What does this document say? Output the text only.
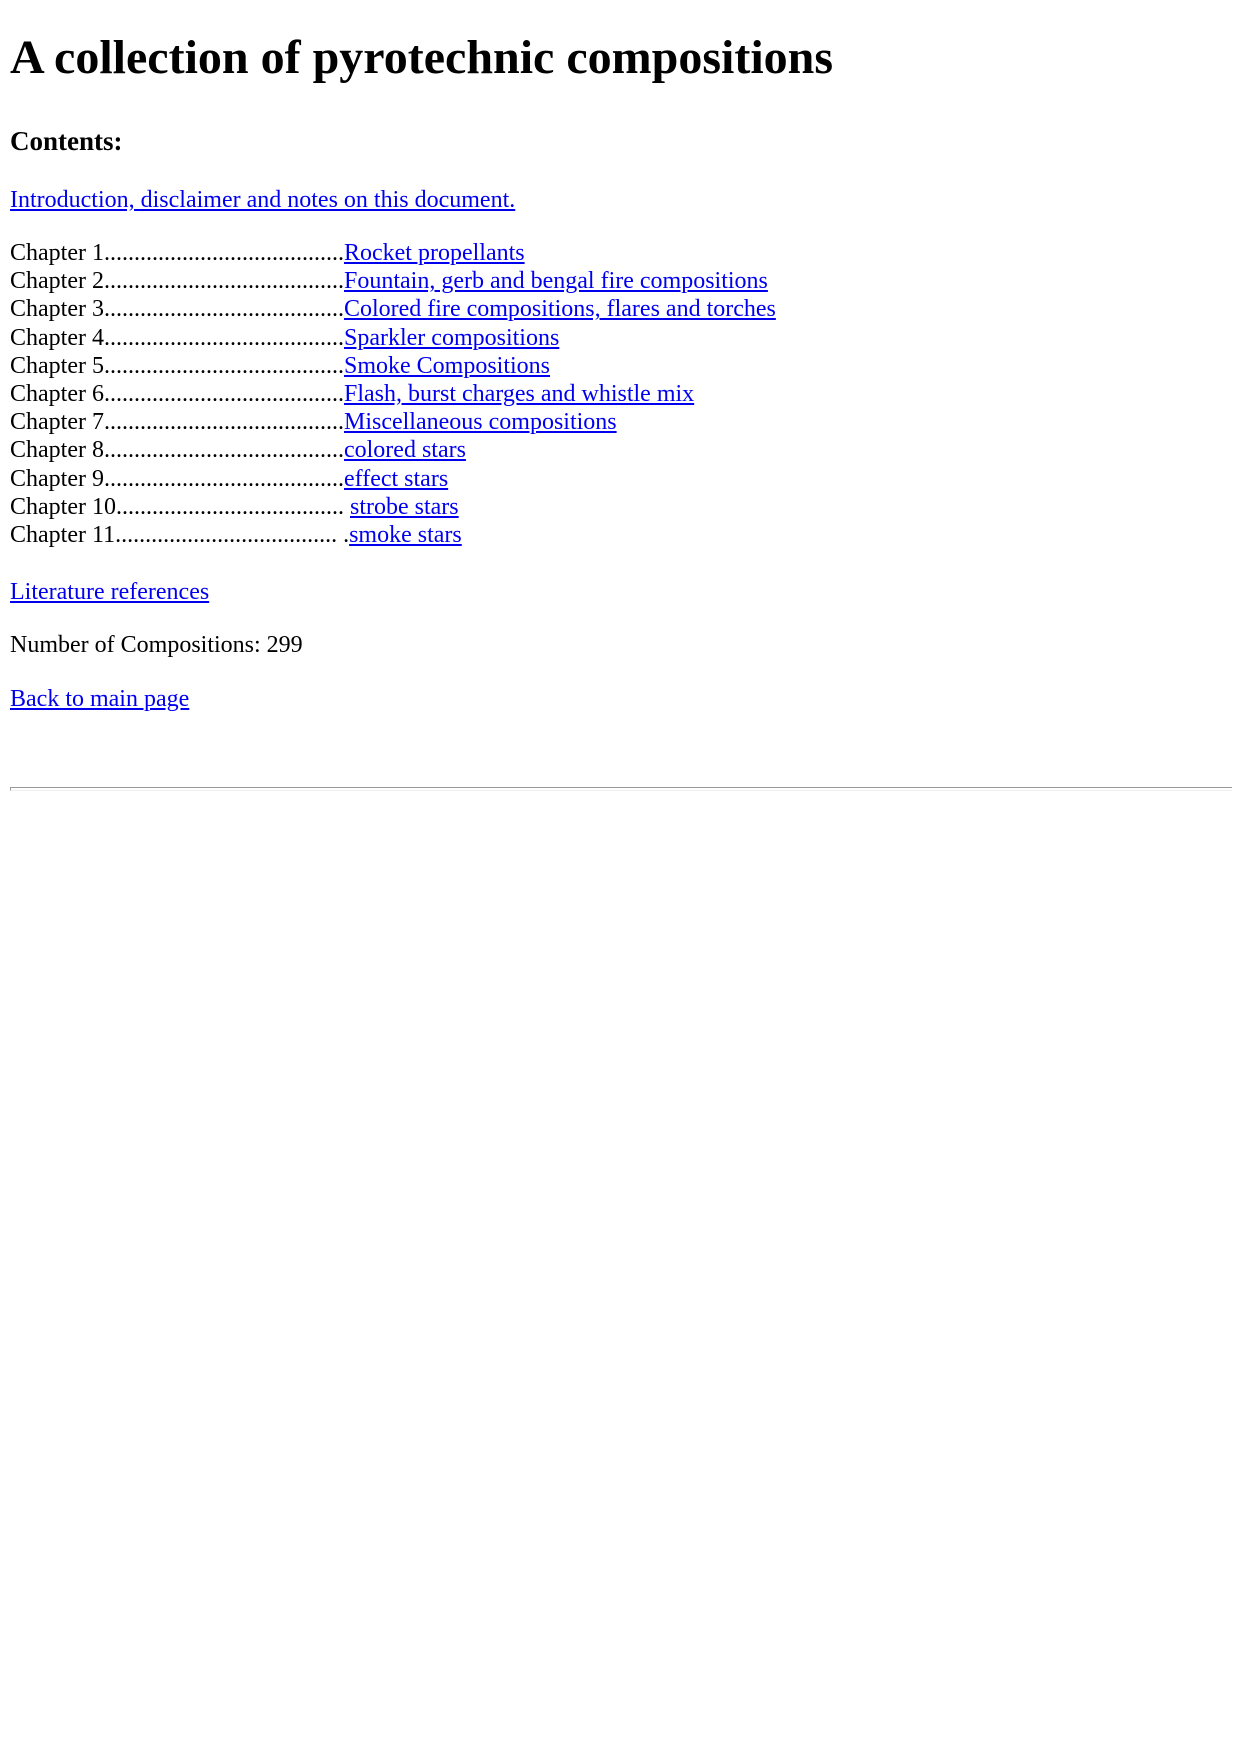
A collection of pyrotechnic compositions
Contents:
Introduction, disclaimer and notes on this document.
Chapter 1........................................Rocket propellants
Chapter 2........................................Fountain, gerb and bengal fire compositions
Chapter 3........................................Colored fire compositions, flares and torches
Chapter 4........................................Sparkler compositions
Chapter 5........................................Smoke Compositions
Chapter 6........................................Flash, burst charges and whistle mix
Chapter 7........................................Miscellaneous compositions
Chapter 8........................................colored stars
Chapter 9........................................effect stars
Chapter 10...................................... strobe stars
Chapter 11..................................... .smoke stars
Literature references
Number of Compositions: 299
Back to main page
